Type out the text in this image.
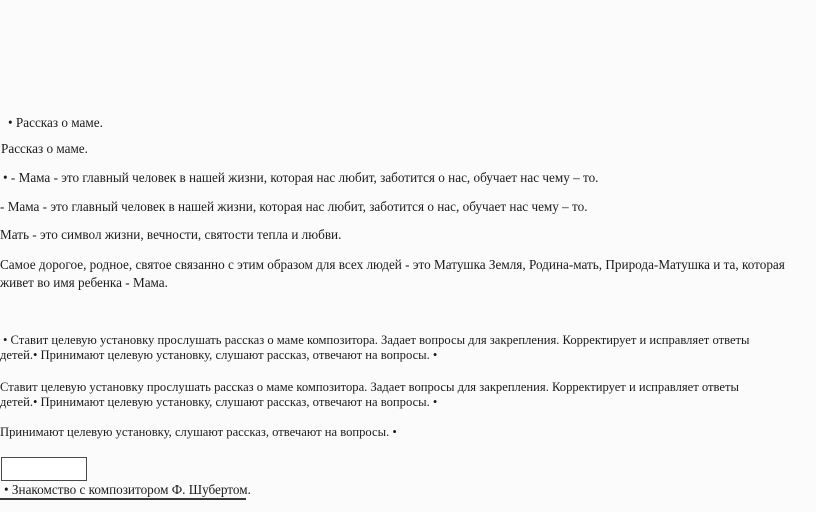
• Рассказ о маме.
Рассказ о маме.
• - Мама - это главный человек в нашей жизни, которая нас любит, заботится о нас, обучает нас чему – то.
- Мама - это главный человек в нашей жизни, которая нас любит, заботится о нас, обучает нас чему – то.
Мать - это символ жизни, вечности, святости тепла и любви.
Самое дорогое, родное, святое связанно с этим образом для всех людей - это Матушка Земля, Родина-мать, Природа-Матушка и та, которая
живет во имя ребенка - Мама.
• Ставит целевую установку прослушать рассказ о маме композитора. Задает вопросы для закрепления. Корректирует и исправляет ответы
детей.• Принимают целевую установку, слушают рассказ, отвечают на вопросы. •
Ставит целевую установку прослушать рассказ о маме композитора. Задает вопросы для закрепления. Корректирует и исправляет ответы
детей.• Принимают целевую установку, слушают рассказ, отвечают на вопросы. •
Принимают целевую установку, слушают рассказ, отвечают на вопросы. •
• Знакомство с композитором Ф. Шубертом.
